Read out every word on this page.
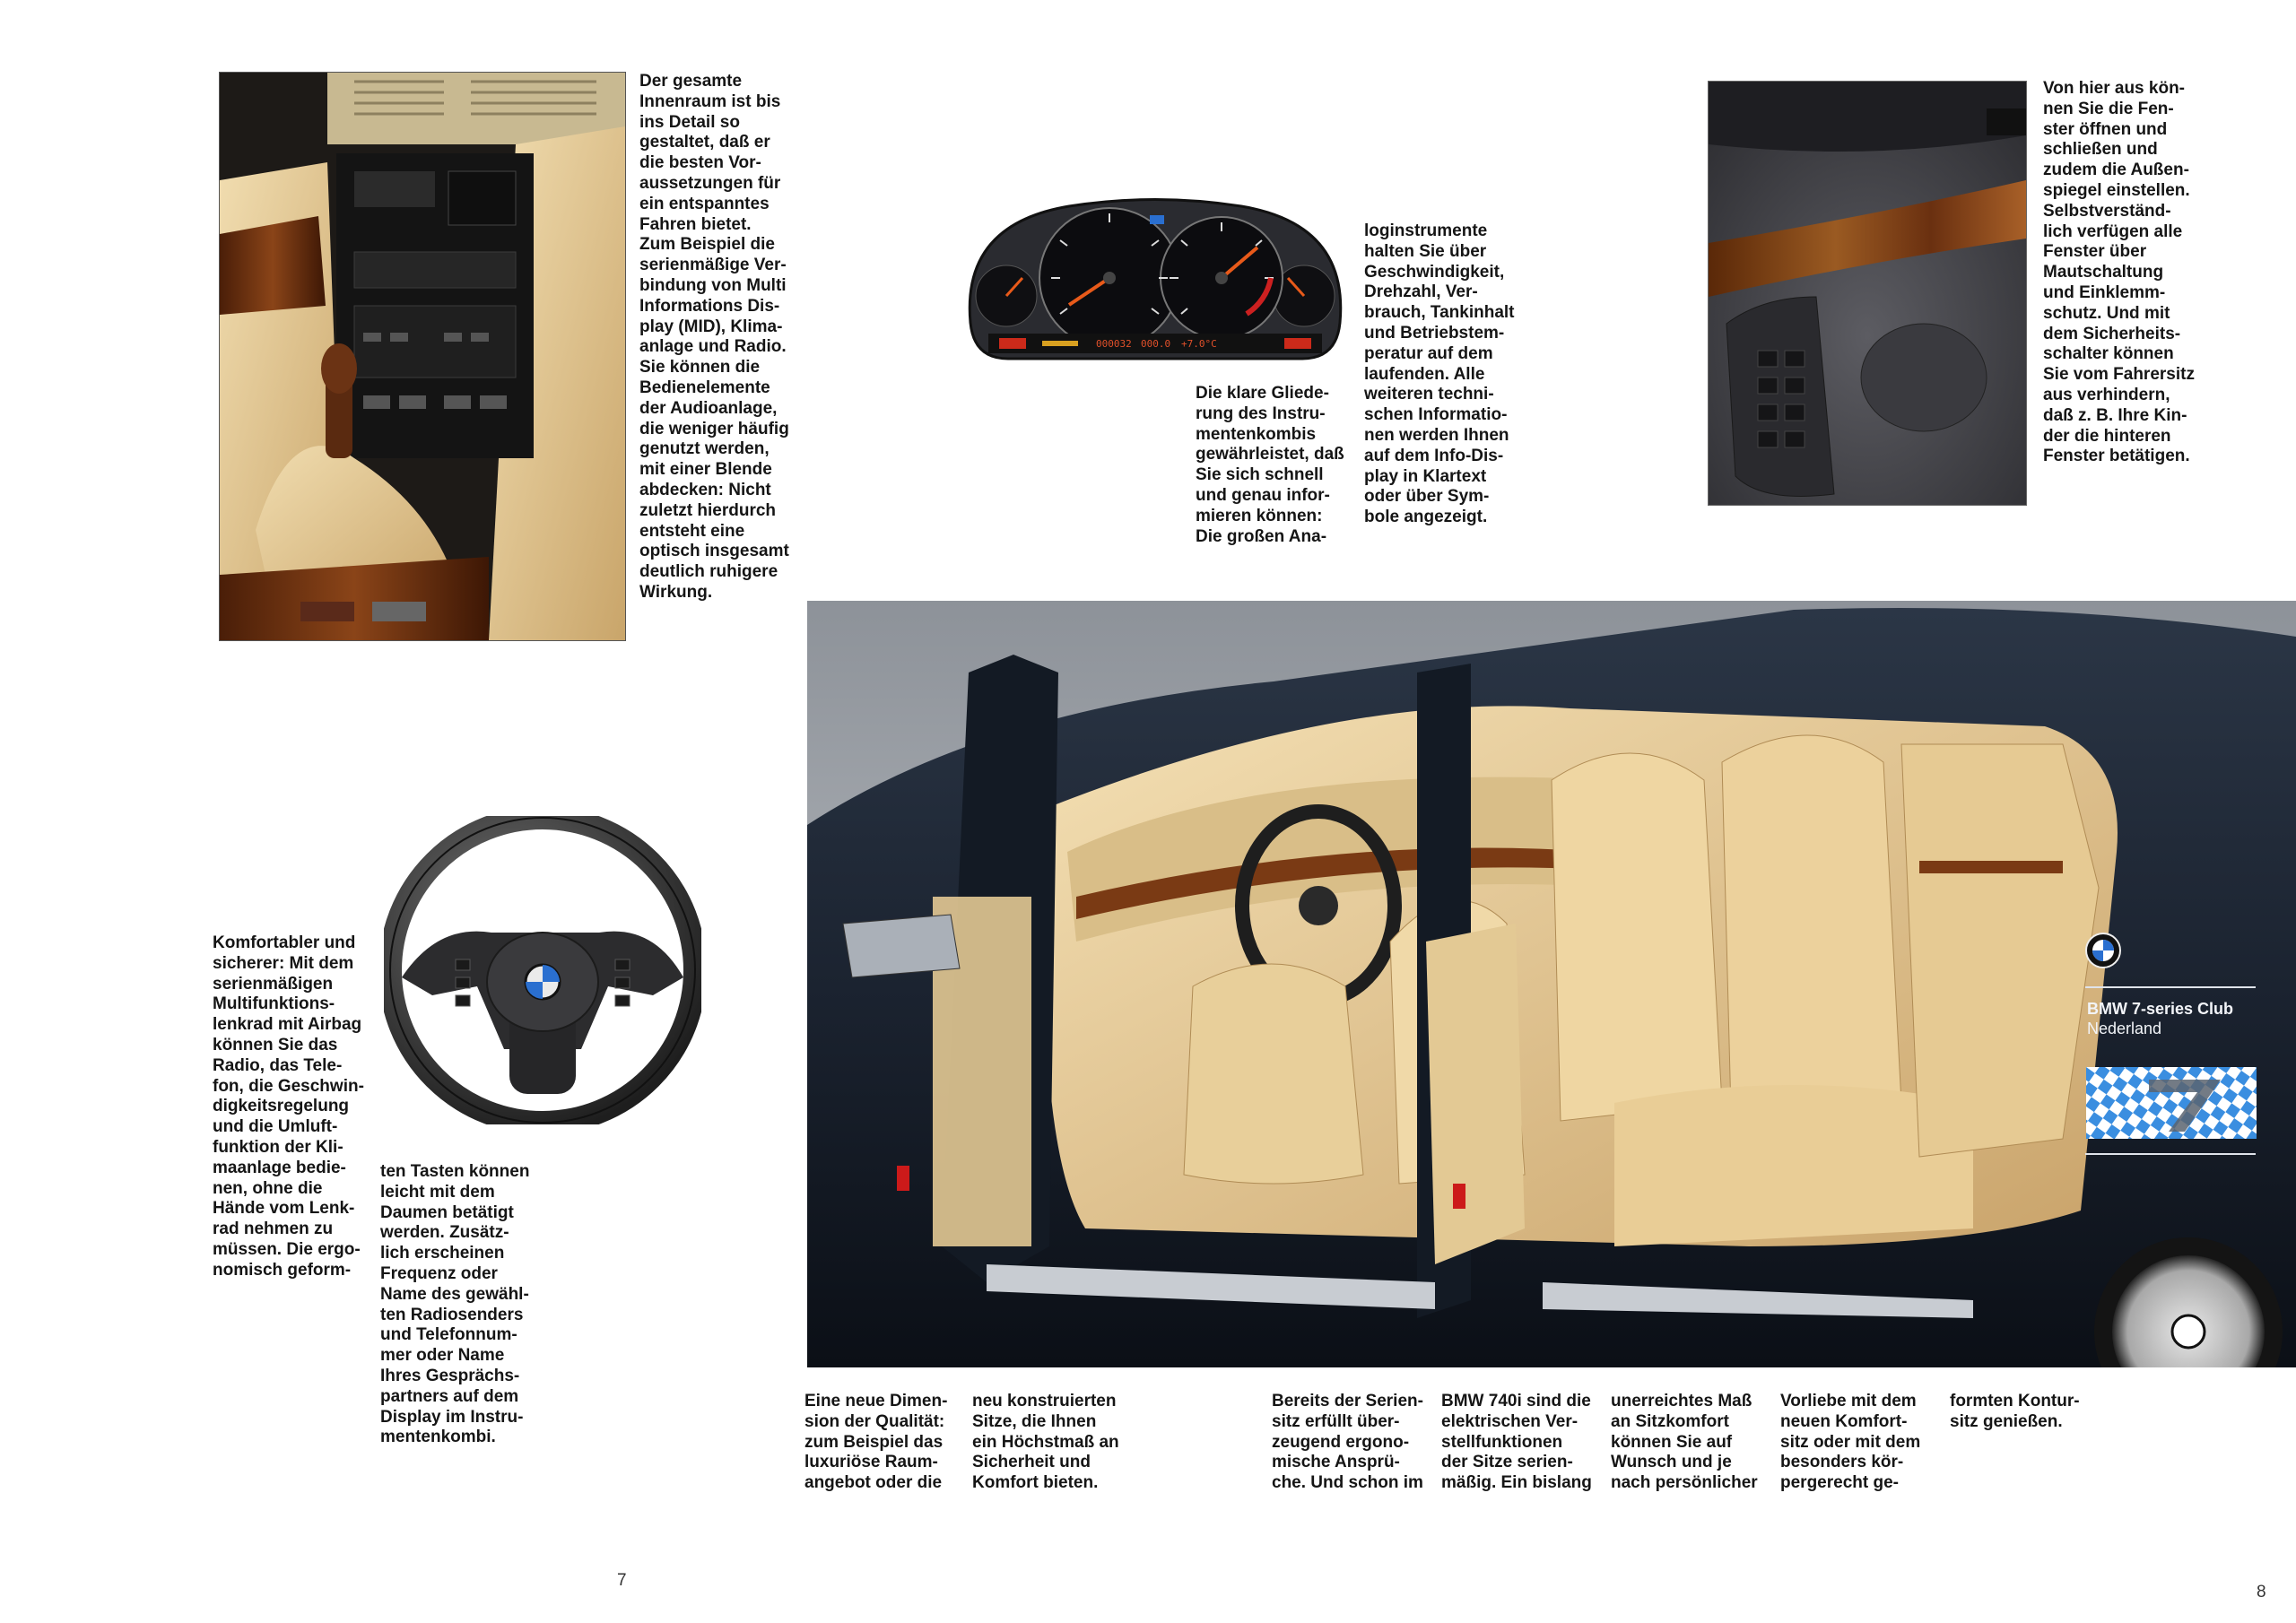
Der gesamte
Innenraum ist bis
ins Detail so
gestaltet, daß er
die besten Vor-
aussetzungen für
ein entspanntes
Fahren bietet.
Zum Beispiel die
serienmäßige Ver-
bindung von Multi
Informations Dis-
play (MID), Klima-
anlage und Radio.
Sie können die
Bedienelemente
der Audioanlage,
die weniger häufig
genutzt werden,
mit einer Blende
abdecken: Nicht
zuletzt hierdurch
entsteht eine
optisch insgesamt
deutlich ruhigere
Wirkung.
000032 000.0 +7.0°C
Die klare Gliede-
rung des Instru-
mentenkombis
gewährleistet, daß
Sie sich schnell
und genau infor-
mieren können:
Die großen Ana-
loginstrumente
halten Sie über
Geschwindigkeit,
Drehzahl, Ver-
brauch, Tankinhalt
und Betriebstem-
peratur auf dem
laufenden. Alle
weiteren techni-
schen Informatio-
nen werden Ihnen
auf dem Info-Dis-
play in Klartext
oder über Sym-
bole angezeigt.
Von hier aus kön-
nen Sie die Fen-
ster öffnen und
schließen und
zudem die Außen-
spiegel einstellen.
Selbstverständ-
lich verfügen alle
Fenster über
Mautschaltung
und Einklemm-
schutz. Und mit
dem Sicherheits-
schalter können
Sie vom Fahrersitz
aus verhindern,
daß z. B. Ihre Kin-
der die hinteren
Fenster betätigen.
Komfortabler und
sicherer: Mit dem
serienmäßigen
Multifunktions-
lenkrad mit Airbag
können Sie das
Radio, das Tele-
fon, die Geschwin-
digkeitsregelung
und die Umluft-
funktion der Kli-
maanlage bedie-
nen, ohne die
Hände vom Lenk-
rad nehmen zu
müssen. Die ergo-
nomisch geform-
ten Tasten können
leicht mit dem
Daumen betätigt
werden. Zusätz-
lich erscheinen
Frequenz oder
Name des gewähl-
ten Radiosenders
und Telefonnum-
mer oder Name
Ihres Gesprächs-
partners auf dem
Display im Instru-
mentenkombi.
BMW 7-series Club
Nederland
Eine neue Dimen-
sion der Qualität:
zum Beispiel das
luxuriöse Raum-
angebot oder die
neu konstruierten
Sitze, die Ihnen
ein Höchstmaß an
Sicherheit und
Komfort bieten.
Bereits der Serien-
sitz erfüllt über-
zeugend ergono-
mische Ansprü-
che. Und schon im
BMW 740i sind die
elektrischen Ver-
stellfunktionen
der Sitze serien-
mäßig. Ein bislang
unerreichtes Maß
an Sitzkomfort
können Sie auf
Wunsch und je
nach persönlicher
Vorliebe mit dem
neuen Komfort-
sitz oder mit dem
besonders kör-
pergerecht ge-
formten Kontur-
sitz genießen.
7
8
